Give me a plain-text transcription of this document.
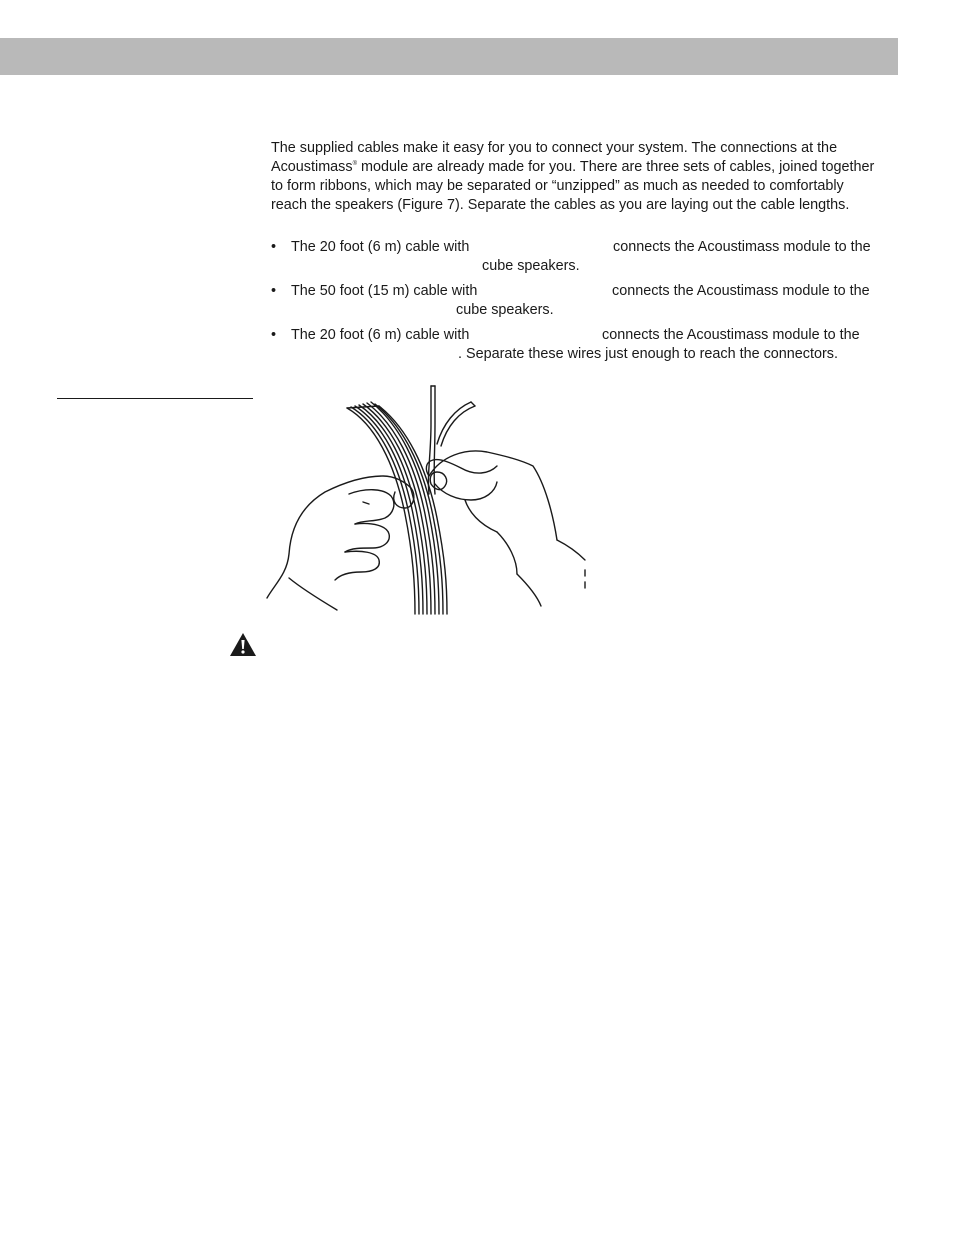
The supplied cables make it easy for you to connect your system. The connections at the Acoustimass® module are already made for you. There are three sets of cables, joined together to form ribbons, which may be separated or “unzipped” as much as needed to comfortably reach the speakers (Figure 7). Separate the cables as you are laying out the cable lengths.

• The 20 foot (6 m) cable with	connects the Acoustimass module to the
cube speakers.
• The 50 foot (15 m) cable with	connects the Acoustimass module to the
cube speakers.
• The 20 foot (6 m) cable with	connects the Acoustimass module to the
. Separate these wires just enough to reach the connectors.
